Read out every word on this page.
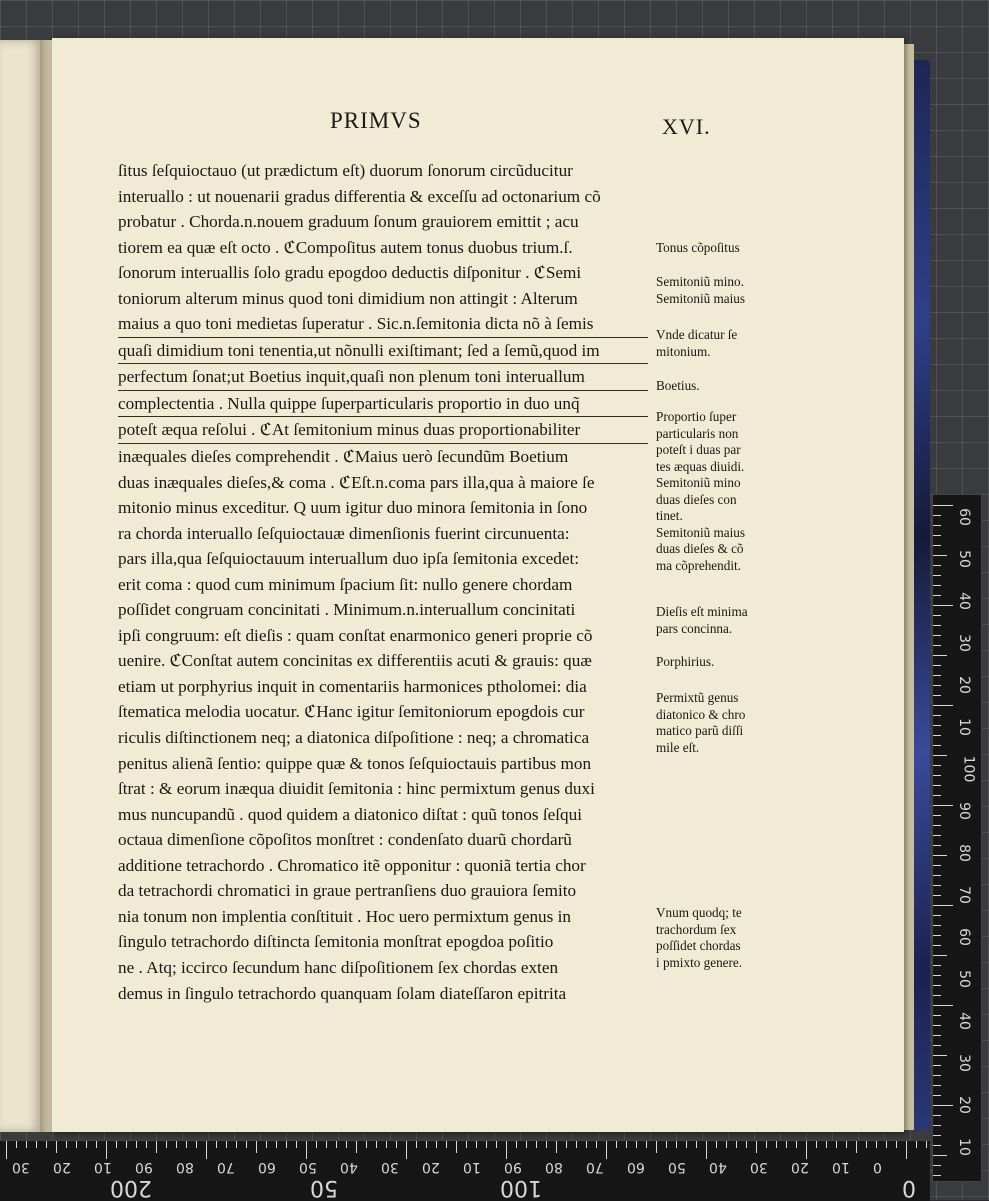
PRIMVS	XVI.
ſitus ſeſquioctauo (ut prædictum eſt) duorum ſonorum circũducitur
interuallo : ut nouenarii gradus differentia & exceſſu ad octonarium cõ
probatur . Chorda.n.nouem graduum ſonum grauiorem emittit ; acu
tiorem ea quæ eſt octo . ℭCompoſitus autem tonus duobus trium.ſ.
ſonorum interuallis ſolo gradu epogdoo deductis diſponitur . ℭSemi
toniorum alterum minus quod toni dimidium non attingit : Alterum
maius a quo toni medietas ſuperatur . Sic.n.ſemitonia dicta nõ à ſemis
quaſi dimidium toni tenentia,ut nõnulli exiſtimant; ſed a ſemũ,quod im
perfectum ſonat;ut Boetius inquit,quaſi non plenum toni interuallum
complectentia . Nulla quippe ſuperparticularis proportio in duo unq̃
poteſt æqua reſolui . ℭAt ſemitonium minus duas proportionabiliter
inæquales dieſes comprehendit . ℭMaius uerò ſecundũm Boetium
duas inæquales dieſes,& coma . ℭEſt.n.coma pars illa,qua à maiore ſe
mitonio minus exceditur. Q uum igitur duo minora ſemitonia in ſono
ra chorda interuallo ſeſquioctauæ dimenſionis fuerint circunuenta:
pars illa,qua ſeſquioctauum interuallum duo ipſa ſemitonia excedet:
erit coma : quod cum minimum ſpacium ſit: nullo genere chordam
poſſidet congruam concinitati . Minimum.n.interuallum concinitati
ipſi congruum: eſt dieſis : quam conſtat enarmonico generi proprie cõ
uenire. ℭConſtat autem concinitas ex differentiis acuti & grauis: quæ
etiam ut porphyrius inquit in comentariis harmonices ptholomei: dia
ſtematica melodia uocatur. ℭHanc igitur ſemitoniorum epogdois cur
riculis diſtinctionem neq; a diatonica diſpoſitione : neq; a chromatica
penitus alienã ſentio: quippe quæ & tonos ſeſquioctauis partibus mon
ſtrat : & eorum inæqua diuidit ſemitonia : hinc permixtum genus duxi
mus nuncupandũ . quod quidem a diatonico diſtat : quũ tonos ſeſqui
octaua dimenſione cõpoſitos monſtret : condenſato duarũ chordarũ
additione tetrachordo . Chromatico itẽ opponitur : quoniã tertia chor
da tetrachordi chromatici in graue pertranſiens duo grauiora ſemito
nia tonum non implentia conſtituit . Hoc uero permixtum genus in
ſingulo tetrachordo diſtincta ſemitonia monſtrat epogdoa poſitio
ne . Atq; iccirco ſecundum hanc diſpoſitionem ſex chordas exten
demus in ſingulo tetrachordo quanquam ſolam diateſſaron epitrita
Tonus cõpoſitus
Semitoniũ mino.
Semitoniũ maius
Vnde dicatur ſe
mitonium.
Boetius.
Proportio ſuper
particularis non
poteſt i duas par
tes æquas diuidi.
Semitoniũ mino
duas dieſes con
tinet.
Semitoniũ maius
duas dieſes & cõ
ma cõprehendit.
Dieſis eſt minima
pars concinna.
Porphirius.
Permixtũ genus
diatonico & chro
matico parũ diſſi
mile eſt.
Vnum quodq; te
trachordum ſex
poſſidet chordas
i pmixto genere.
60
50
40
30
20
10
100
90
80
70
60
50
40
30
20
10
30 20 10 90 80 70 60 50 40 30 20 10 90 80 70 60 50 40 30 20 10 0
200	50	100	0
